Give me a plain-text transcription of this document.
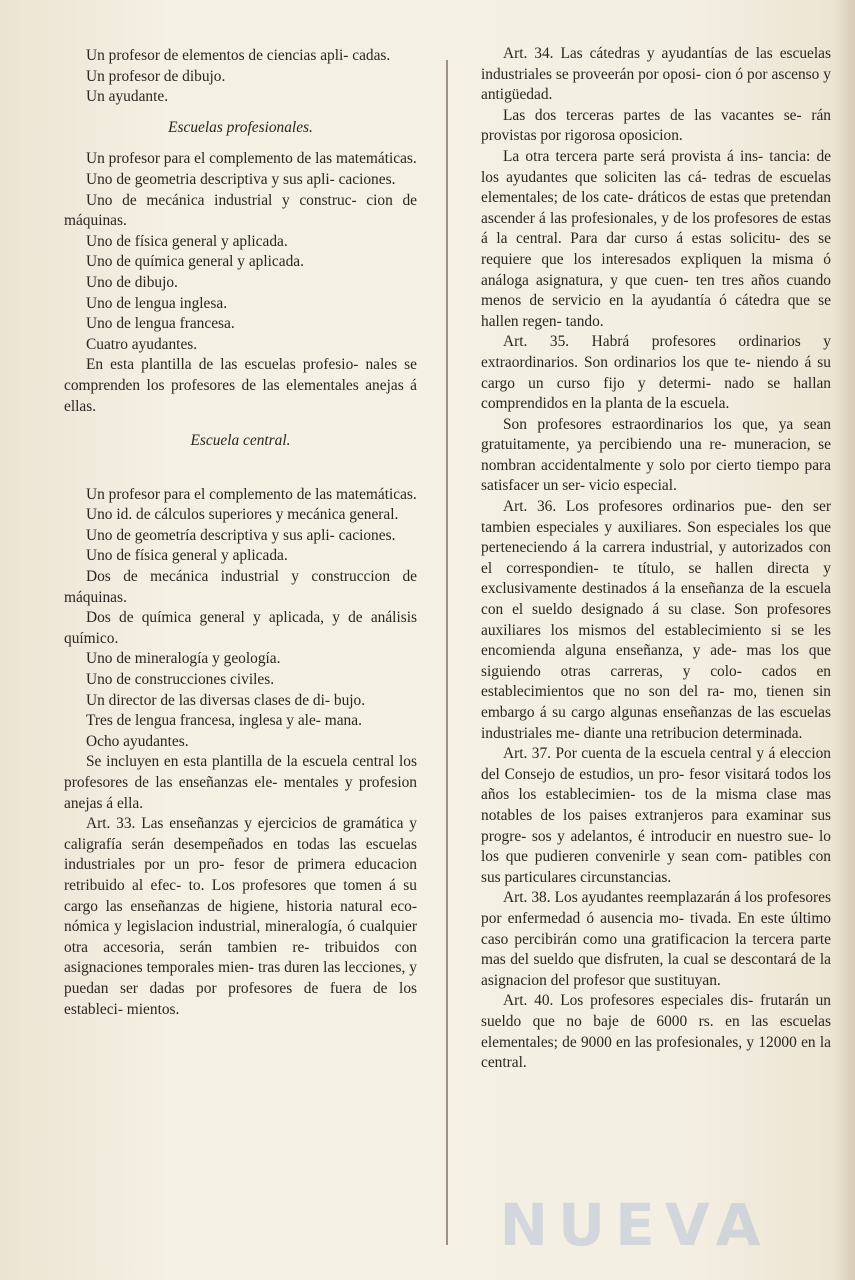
Un profesor de elementos de ciencias apli- cadas.

Un profesor de dibujo.

Un ayudante.

Escuelas profesionales.

Un profesor para el complemento de las matemáticas.

Uno de geometria descriptiva y sus apli- caciones.

Uno de mecánica industrial y construc- cion de máquinas.

Uno de física general y aplicada.

Uno de química general y aplicada.

Uno de dibujo.

Uno de lengua inglesa.

Uno de lengua francesa.

Cuatro ayudantes.

En esta plantilla de las escuelas profesio- nales se comprenden los profesores de las elementales anejas á ellas.

Escuela central.

Un profesor para el complemento de las matemáticas.

Uno id. de cálculos superiores y mecánica general.

Uno de geometría descriptiva y sus apli- caciones.

Uno de física general y aplicada.

Dos de mecánica industrial y construccion de máquinas.

Dos de química general y aplicada, y de análisis químico.

Uno de mineralogía y geología.

Uno de construcciones civiles.

Un director de las diversas clases de di- bujo.

Tres de lengua francesa, inglesa y ale- mana.

Ocho ayudantes.

Se incluyen en esta plantilla de la escuela central los profesores de las enseñanzas ele- mentales y profesion anejas á ella.

Art. 33. Las enseñanzas y ejercicios de gramática y caligrafía serán desempeñados en todas las escuelas industriales por un pro- fesor de primera educacion retribuido al efec- to. Los profesores que tomen á su cargo las enseñanzas de higiene, historia natural eco- nómica y legislacion industrial, mineralogía, ó cualquier otra accesoria, serán tambien re- tribuidos con asignaciones temporales mien- tras duren las lecciones, y puedan ser dadas por profesores de fuera de los estableci- mientos.

Art. 34. Las cátedras y ayudantías de las escuelas industriales se proveerán por oposi- cion ó por ascenso y antigüedad.

Las dos terceras partes de las vacantes se- rán provistas por rigorosa oposicion.

La otra tercera parte será provista á ins- tancia: de los ayudantes que soliciten las cá- tedras de escuelas elementales; de los cate- dráticos de estas que pretendan ascender á las profesionales, y de los profesores de estas á la central. Para dar curso á estas solicitu- des se requiere que los interesados expliquen la misma ó análoga asignatura, y que cuen- ten tres años cuando menos de servicio en la ayudantía ó cátedra que se hallen regen- tando.

Art. 35. Habrá profesores ordinarios y extraordinarios. Son ordinarios los que te- niendo á su cargo un curso fijo y determi- nado se hallan comprendidos en la planta de la escuela.

Son profesores estraordinarios los que, ya sean gratuitamente, ya percibiendo una re- muneracion, se nombran accidentalmente y solo por cierto tiempo para satisfacer un ser- vicio especial.

Art. 36. Los profesores ordinarios pue- den ser tambien especiales y auxiliares. Son especiales los que perteneciendo á la carrera industrial, y autorizados con el correspondien- te título, se hallen directa y exclusivamente destinados á la enseñanza de la escuela con el sueldo designado á su clase. Son profesores auxiliares los mismos del establecimiento si se les encomienda alguna enseñanza, y ade- mas los que siguiendo otras carreras, y colo- cados en establecimientos que no son del ra- mo, tienen sin embargo á su cargo algunas enseñanzas de las escuelas industriales me- diante una retribucion determinada.

Art. 37. Por cuenta de la escuela central y á eleccion del Consejo de estudios, un pro- fesor visitará todos los años los establecimien- tos de la misma clase mas notables de los paises extranjeros para examinar sus progre- sos y adelantos, é introducir en nuestro sue- lo los que pudieren convenirle y sean com- patibles con sus particulares circunstancias.

Art. 38. Los ayudantes reemplazarán á los profesores por enfermedad ó ausencia mo- tivada. En este último caso percibirán como una gratificacion la tercera parte mas del sueldo que disfruten, la cual se descontará de la asignacion del profesor que sustituyan.

Art. 40. Los profesores especiales dis- frutarán un sueldo que no baje de 6000 rs. en las escuelas elementales; de 9000 en las profesionales, y 12000 en la central.

NUEVA
